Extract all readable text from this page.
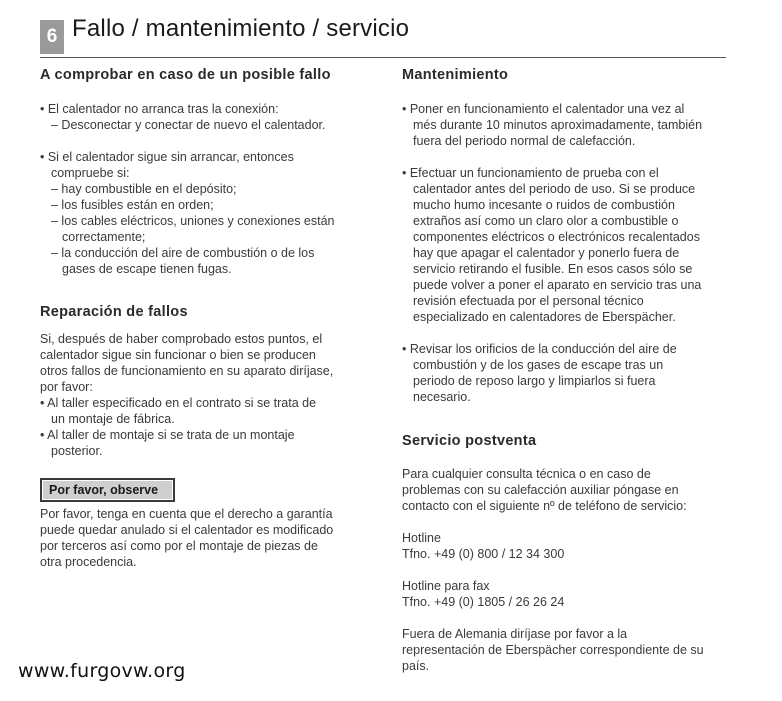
6 Fallo / mantenimiento / servicio
A comprobar en caso de un posible fallo

• El calentador no arranca tras la conexión:

– Desconectar y conectar de nuevo el calentador.

• Si el calentador sigue sin arrancar, entonces

compruebe si:

– hay combustible en el depósito;

– los fusibles están en orden;

– los cables eléctricos, uniones y conexiones están

correctamente;

– la conducción del aire de combustión o de los

gases de escape tienen fugas.

Reparación de fallos

Si, después de haber comprobado estos puntos, el

calentador sigue sin funcionar o bien se producen

otros fallos de funcionamiento en su aparato diríjase,

por favor:

• Al taller especificado en el contrato si se trata de

un montaje de fábrica.

• Al taller de montaje si se trata de un montaje

posterior.

Por favor, observe

Por favor, tenga en cuenta que el derecho a garantía

puede quedar anulado si el calentador es modificado

por terceros así como por el montaje de piezas de

otra procedencia.

Mantenimiento

• Poner en funcionamiento el calentador una vez al

més durante 10 minutos aproximadamente, también

fuera del periodo normal de calefacción.

• Efectuar un funcionamiento de prueba con el

calentador antes del periodo de uso. Si se produce

mucho humo incesante o ruidos de combustión

extraños así como un claro olor a combustible o

componentes eléctricos o electrónicos recalentados

hay que apagar el calentador y ponerlo fuera de

servicio retirando el fusible. En esos casos sólo se

puede volver a poner el aparato en servicio tras una

revisión efectuada por el personal técnico

especializado en calentadores de Eberspächer.

• Revisar los orificios de la conducción del aire de

combustión y de los gases de escape tras un

periodo de reposo largo y limpiarlos si fuera

necesario.

Servicio postventa

Para cualquier consulta técnica o en caso de

problemas con su calefacción auxiliar póngase en

contacto con el siguiente nº de teléfono de servicio:

Hotline

Tfno. +49 (0) 800 / 12 34 300

Hotline para fax

Tfno. +49 (0) 1805 / 26 26 24

Fuera de Alemania diríjase por favor a la

representación de Eberspächer correspondiente de su

país.

www.furgovw.org
